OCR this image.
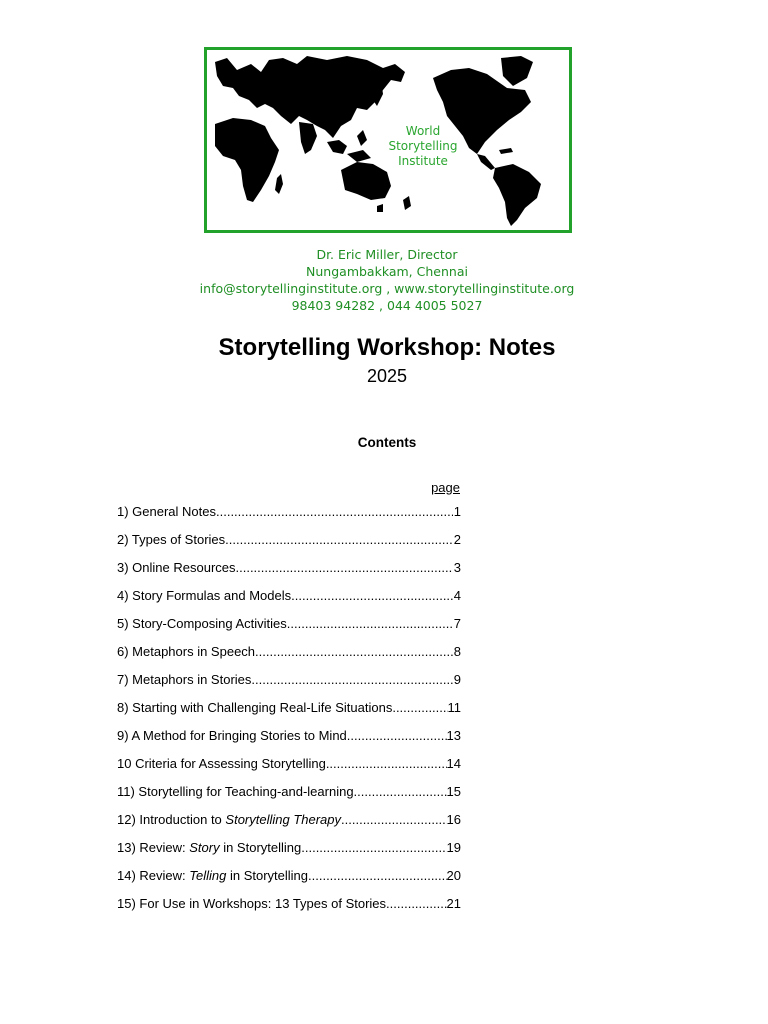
World
Storytelling
Institute
Dr. Eric Miller, Director
Nungambakkam, Chennai
info@storytellinginstitute.org , www.storytellinginstitute.org
98403 94282 , 044 4005 5027
Storytelling Workshop: Notes
2025
Contents
page
1) General Notes .....	1
2) Types of Stories .....	2
3) Online Resources .....	3
4) Story Formulas and Models .....	4
5) Story-Composing Activities .....	7
6) Metaphors in Speech .....	8
7) Metaphors in Stories .....	9
8) Starting with Challenging Real-Life Situations .....	11
9) A Method for Bringing Stories to Mind .....	13
10 Criteria for Assessing Storytelling .....	14
11) Storytelling for Teaching-and-learning .....	15
12) Introduction to Storytelling Therapy .....	16
13) Review: Story in Storytelling .....	19
14) Review: Telling in Storytelling .....	20
15) For Use in Workshops: 13 Types of Stories .....	21
